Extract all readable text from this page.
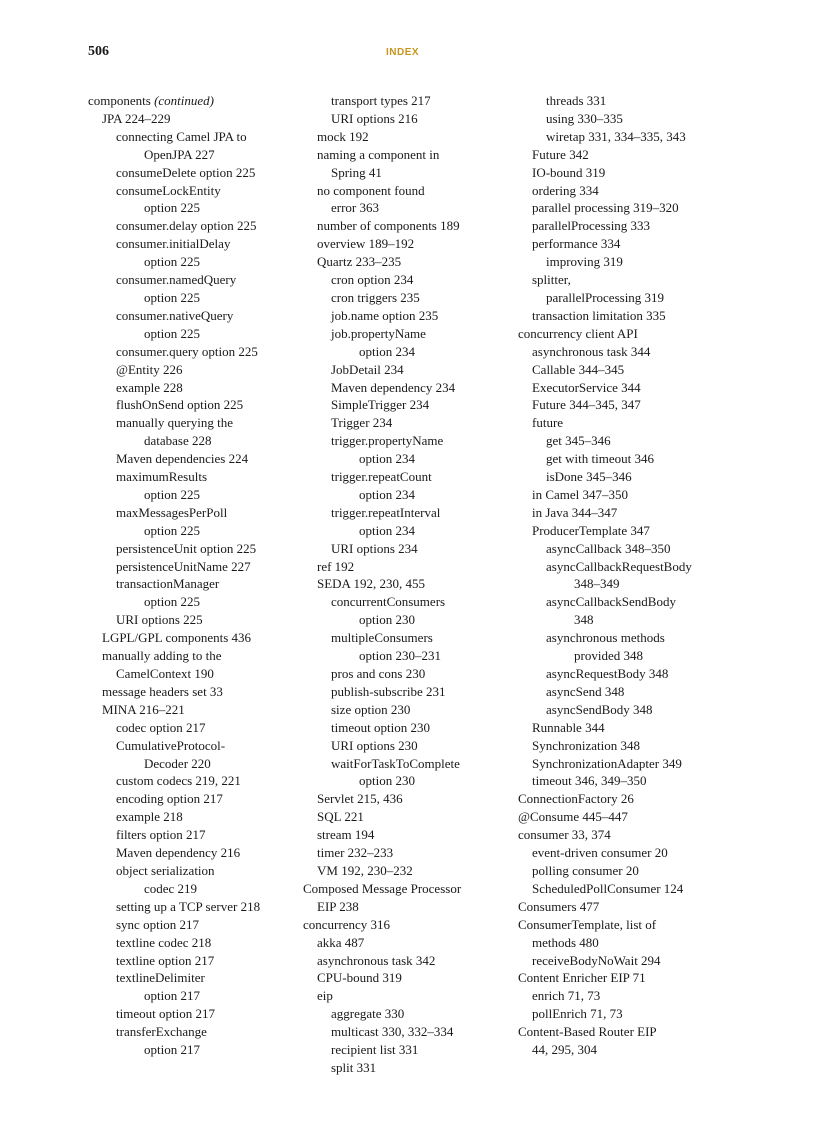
506	INDEX
components (continued)
JPA 224–229
connecting Camel JPA to
OpenJPA 227
consumeDelete option 225
consumeLockEntity
option 225
consumer.delay option 225
consumer.initialDelay
option 225
consumer.namedQuery
option 225
consumer.nativeQuery
option 225
consumer.query option 225
@Entity 226
example 228
flushOnSend option 225
manually querying the
database 228
Maven dependencies 224
maximumResults
option 225
maxMessagesPerPoll
option 225
persistenceUnit option 225
persistenceUnitName 227
transactionManager
option 225
URI options 225
LGPL/GPL components 436
manually adding to the
CamelContext 190
message headers set 33
MINA 216–221
codec option 217
CumulativeProtocol-
Decoder 220
custom codecs 219, 221
encoding option 217
example 218
filters option 217
Maven dependency 216
object serialization
codec 219
setting up a TCP server 218
sync option 217
textline codec 218
textline option 217
textlineDelimiter
option 217
timeout option 217
transferExchange
option 217
transport types 217
URI options 216
mock 192
naming a component in
Spring 41
no component found
error 363
number of components 189
overview 189–192
Quartz 233–235
cron option 234
cron triggers 235
job.name option 235
job.propertyName
option 234
JobDetail 234
Maven dependency 234
SimpleTrigger 234
Trigger 234
trigger.propertyName
option 234
trigger.repeatCount
option 234
trigger.repeatInterval
option 234
URI options 234
ref 192
SEDA 192, 230, 455
concurrentConsumers
option 230
multipleConsumers
option 230–231
pros and cons 230
publish-subscribe 231
size option 230
timeout option 230
URI options 230
waitForTaskToComplete
option 230
Servlet 215, 436
SQL 221
stream 194
timer 232–233
VM 192, 230–232
Composed Message Processor
EIP 238
concurrency 316
akka 487
asynchronous task 342
CPU-bound 319
eip
aggregate 330
multicast 330, 332–334
recipient list 331
split 331
threads 331
using 330–335
wiretap 331, 334–335, 343
Future 342
IO-bound 319
ordering 334
parallel processing 319–320
parallelProcessing 333
performance 334
improving 319
splitter,
parallelProcessing 319
transaction limitation 335
concurrency client API
asynchronous task 344
Callable 344–345
ExecutorService 344
Future 344–345, 347
future
get 345–346
get with timeout 346
isDone 345–346
in Camel 347–350
in Java 344–347
ProducerTemplate 347
asyncCallback 348–350
asyncCallbackRequestBody
348–349
asyncCallbackSendBody
348
asynchronous methods
provided 348
asyncRequestBody 348
asyncSend 348
asyncSendBody 348
Runnable 344
Synchronization 348
SynchronizationAdapter 349
timeout 346, 349–350
ConnectionFactory 26
@Consume 445–447
consumer 33, 374
event-driven consumer 20
polling consumer 20
ScheduledPollConsumer 124
Consumers 477
ConsumerTemplate, list of
methods 480
receiveBodyNoWait 294
Content Enricher EIP 71
enrich 71, 73
pollEnrich 71, 73
Content-Based Router EIP
44, 295, 304
